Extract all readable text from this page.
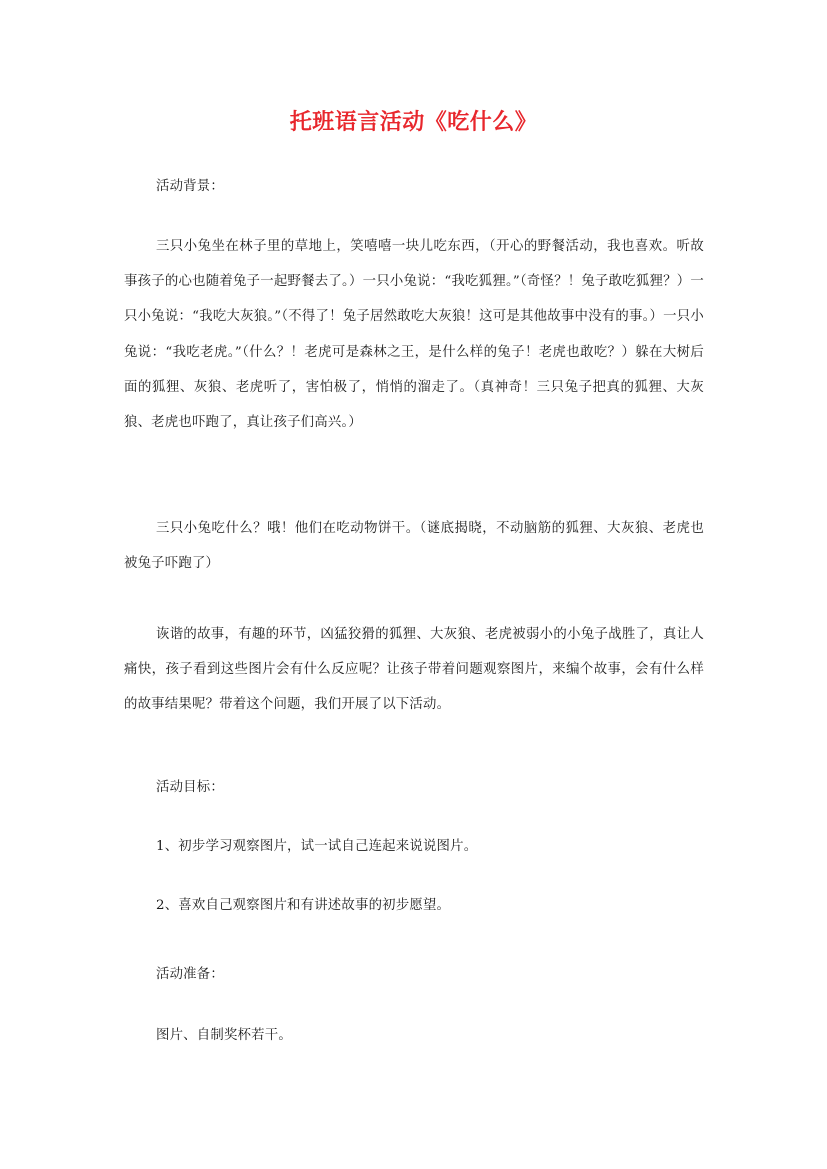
托班语言活动《吃什么》

活动背景：

三只小兔坐在林子里的草地上，笑嘻嘻一块儿吃东西，（开心的野餐活动，我也喜欢。听故事孩子的心也随着兔子一起野餐去了。）一只小兔说：“我吃狐狸。”（奇怪？！兔子敢吃狐狸？）一只小兔说：“我吃大灰狼。”（不得了！兔子居然敢吃大灰狼！这可是其他故事中没有的事。）一只小兔说：“我吃老虎。”（什么？！老虎可是森林之王，是什么样的兔子！老虎也敢吃？）躲在大树后面的狐狸、灰狼、老虎听了，害怕极了，悄悄的溜走了。（真神奇！三只兔子把真的狐狸、大灰狼、老虎也吓跑了，真让孩子们高兴。）

三只小兔吃什么？哦！他们在吃动物饼干。（谜底揭晓，不动脑筋的狐狸、大灰狼、老虎也被兔子吓跑了）

诙谐的故事，有趣的环节，凶猛狡猾的狐狸、大灰狼、老虎被弱小的小兔子战胜了，真让人痛快，孩子看到这些图片会有什么反应呢？让孩子带着问题观察图片，来编个故事，会有什么样的故事结果呢？带着这个问题，我们开展了以下活动。

活动目标：

1、初步学习观察图片，试一试自己连起来说说图片。

2、喜欢自己观察图片和有讲述故事的初步愿望。

活动准备：

图片、自制奖杯若干。
